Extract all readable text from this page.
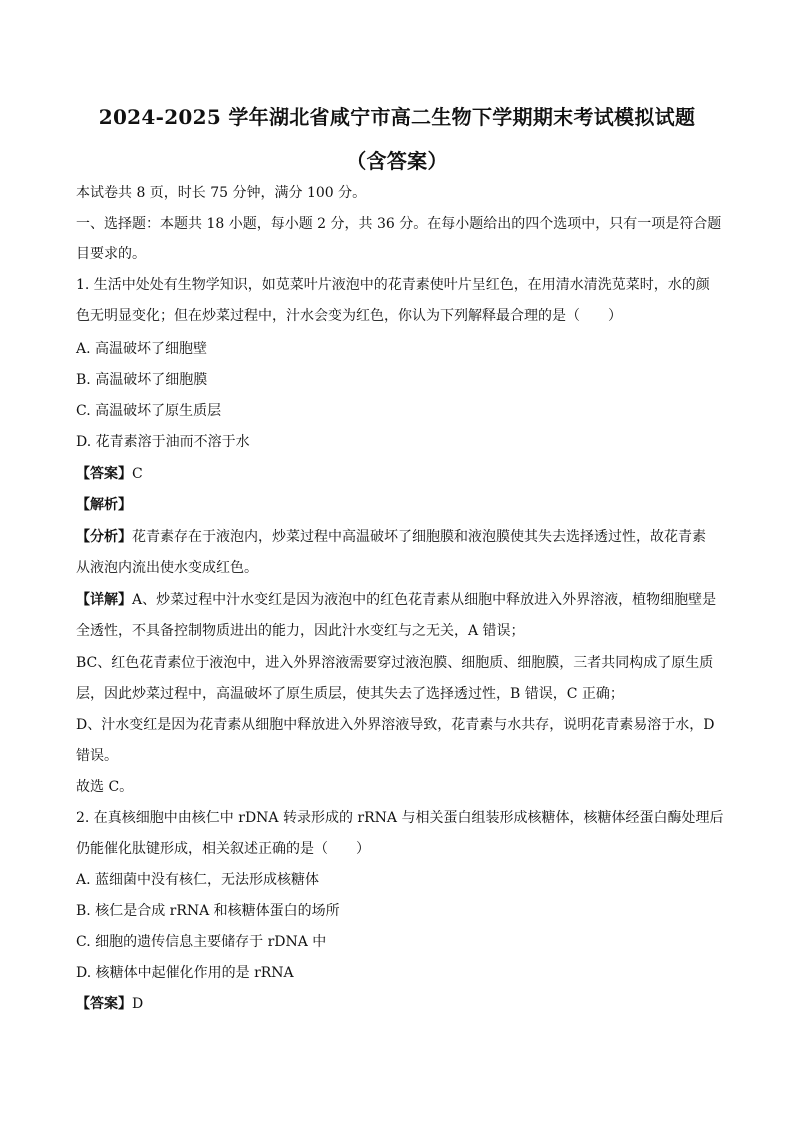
2024-2025 学年湖北省咸宁市高二生物下学期期末考试模拟试题
（含答案）
本试卷共 8 页，时长 75 分钟，满分 100 分。
一、选择题：本题共 18 小题，每小题 2 分，共 36 分。在每小题给出的四个选项中，只有一项是符合题
目要求的。
1. 生活中处处有生物学知识，如苋菜叶片液泡中的花青素使叶片呈红色，在用清水清洗苋菜时，水的颜
色无明显变化；但在炒菜过程中，汁水会变为红色，你认为下列解释最合理的是（　　）
A. 高温破坏了细胞壁
B. 高温破坏了细胞膜
C. 高温破坏了原生质层
D. 花青素溶于油而不溶于水
【答案】C
【解析】
【分析】花青素存在于液泡内，炒菜过程中高温破坏了细胞膜和液泡膜使其失去选择透过性，故花青素
从液泡内流出使水变成红色。
【详解】A、炒菜过程中汁水变红是因为液泡中的红色花青素从细胞中释放进入外界溶液，植物细胞壁是
全透性，不具备控制物质进出的能力，因此汁水变红与之无关，A 错误；
BC、红色花青素位于液泡中，进入外界溶液需要穿过液泡膜、细胞质、细胞膜，三者共同构成了原生质
层，因此炒菜过程中，高温破坏了原生质层，使其失去了选择透过性，B 错误，C 正确；
D、汁水变红是因为花青素从细胞中释放进入外界溶液导致，花青素与水共存，说明花青素易溶于水，D
错误。
故选 C。
2. 在真核细胞中由核仁中 rDNA 转录形成的 rRNA 与相关蛋白组装形成核糖体，核糖体经蛋白酶处理后
仍能催化肽键形成，相关叙述正确的是（　　）
A. 蓝细菌中没有核仁，无法形成核糖体
B. 核仁是合成 rRNA 和核糖体蛋白的场所
C. 细胞的遗传信息主要储存于 rDNA 中
D. 核糖体中起催化作用的是 rRNA
【答案】D
